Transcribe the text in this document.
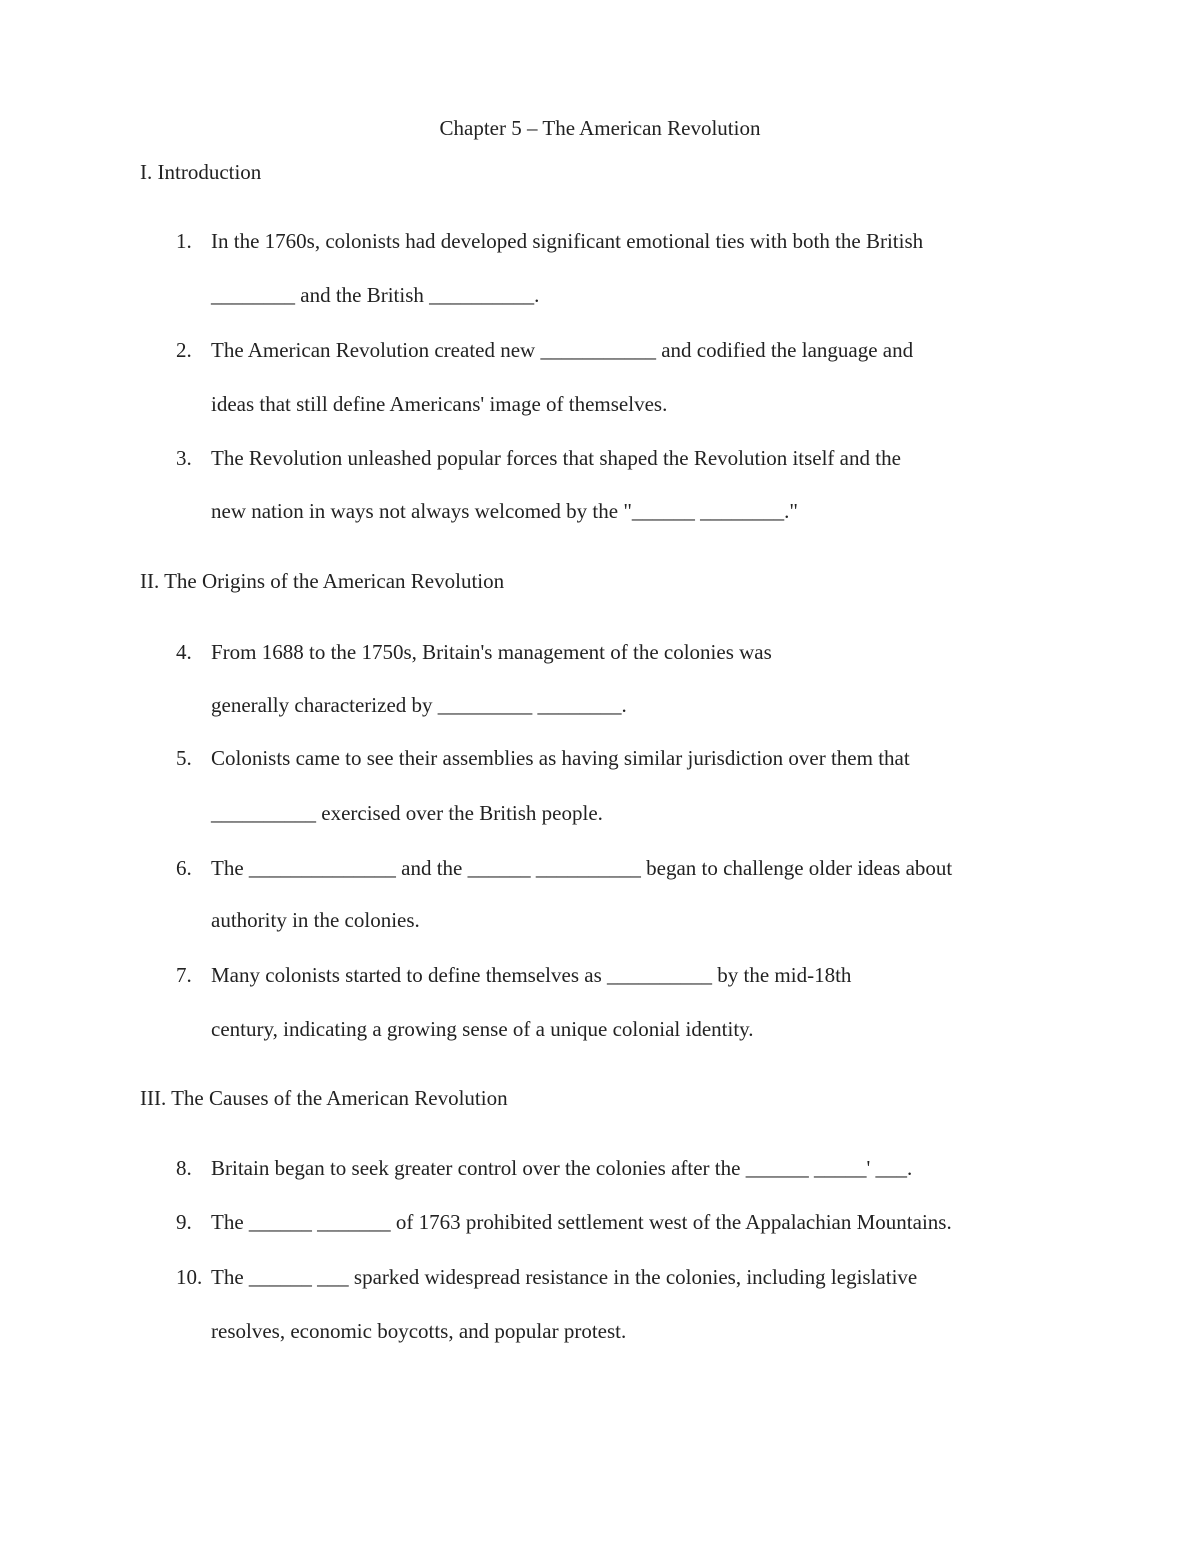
Chapter 5 – The American Revolution
I. Introduction
1. In the 1760s, colonists had developed significant emotional ties with both the British
________ and the British __________.
2. The American Revolution created new ___________ and codified the language and
ideas that still define Americans' image of themselves.
3. The Revolution unleashed popular forces that shaped the Revolution itself and the
new nation in ways not always welcomed by the "______ ________."
II. The Origins of the American Revolution
4. From 1688 to the 1750s, Britain's management of the colonies was
generally characterized by _________ ________.
5. Colonists came to see their assemblies as having similar jurisdiction over them that
__________ exercised over the British people.
6. The ______________ and the ______ __________ began to challenge older ideas about
authority in the colonies.
7. Many colonists started to define themselves as __________ by the mid-18th
century, indicating a growing sense of a unique colonial identity.
III. The Causes of the American Revolution
8. Britain began to seek greater control over the colonies after the ______ _____' ___.
9. The ______ _______ of 1763 prohibited settlement west of the Appalachian Mountains.
10. The ______ ___ sparked widespread resistance in the colonies, including legislative
resolves, economic boycotts, and popular protest.
